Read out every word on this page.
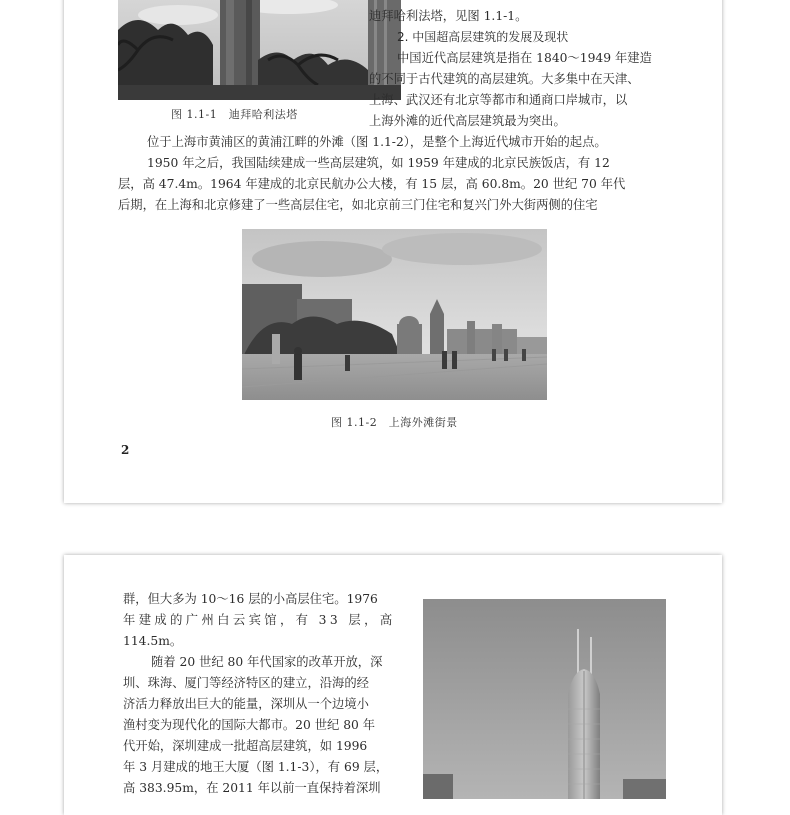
图 1.1-1　迪拜哈利法塔
迪拜哈利法塔，见图 1.1-1。
2. 中国超高层建筑的发展及现状
中国近代高层建筑是指在 1840～1949 年建造
的不同于古代建筑的高层建筑。大多集中在天津、
上海、武汉还有北京等都市和通商口岸城市，以
上海外滩的近代高层建筑最为突出。
位于上海市黄浦区的黄浦江畔的外滩（图 1.1-2），是整个上海近代城市开始的起点。
1950 年之后，我国陆续建成一些高层建筑，如 1959 年建成的北京民族饭店，有 12
层，高 47.4m。1964 年建成的北京民航办公大楼，有 15 层，高 60.8m。20 世纪 70 年代
后期，在上海和北京修建了一些高层住宅，如北京前三门住宅和复兴门外大街两侧的住宅
图 1.1-2　上海外滩街景
2
群，但大多为 10～16 层的小高层住宅。1976
年建成的广州白云宾馆，有 33 层，高
114.5m。
随着 20 世纪 80 年代国家的改革开放，深
圳、珠海、厦门等经济特区的建立，沿海的经
济活力释放出巨大的能量，深圳从一个边境小
渔村变为现代化的国际大都市。20 世纪 80 年
代开始，深圳建成一批超高层建筑，如 1996
年 3 月建成的地王大厦（图 1.1-3），有 69 层，
高 383.95m，在 2011 年以前一直保持着深圳
